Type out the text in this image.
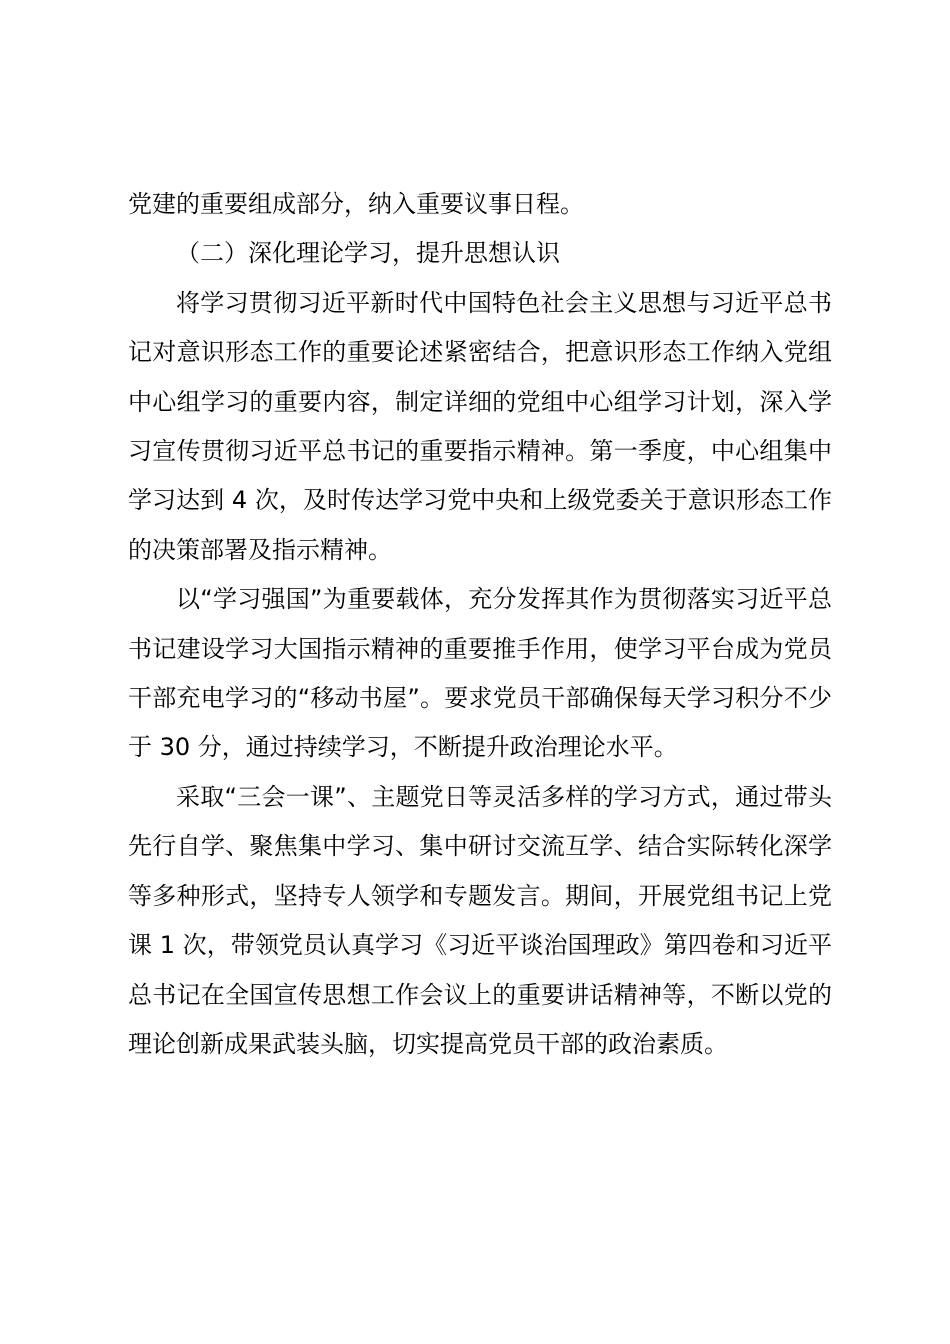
党建的重要组成部分，纳入重要议事日程。

（二）深化理论学习，提升思想认识

将学习贯彻习近平新时代中国特色社会主义思想与习近平总书记对意识形态工作的重要论述紧密结合，把意识形态工作纳入党组中心组学习的重要内容，制定详细的党组中心组学习计划，深入学习宣传贯彻习近平总书记的重要指示精神。第一季度，中心组集中学习达到 4 次，及时传达学习党中央和上级党委关于意识形态工作的决策部署及指示精神。

以“学习强国”为重要载体，充分发挥其作为贯彻落实习近平总书记建设学习大国指示精神的重要推手作用，使学习平台成为党员干部充电学习的“移动书屋”。要求党员干部确保每天学习积分不少于 30 分，通过持续学习，不断提升政治理论水平。

采取“三会一课”、主题党日等灵活多样的学习方式，通过带头先行自学、聚焦集中学习、集中研讨交流互学、结合实际转化深学等多种形式，坚持专人领学和专题发言。期间，开展党组书记上党课 1 次，带领党员认真学习《习近平谈治国理政》第四卷和习近平总书记在全国宣传思想工作会议上的重要讲话精神等，不断以党的理论创新成果武装头脑，切实提高党员干部的政治素质。
